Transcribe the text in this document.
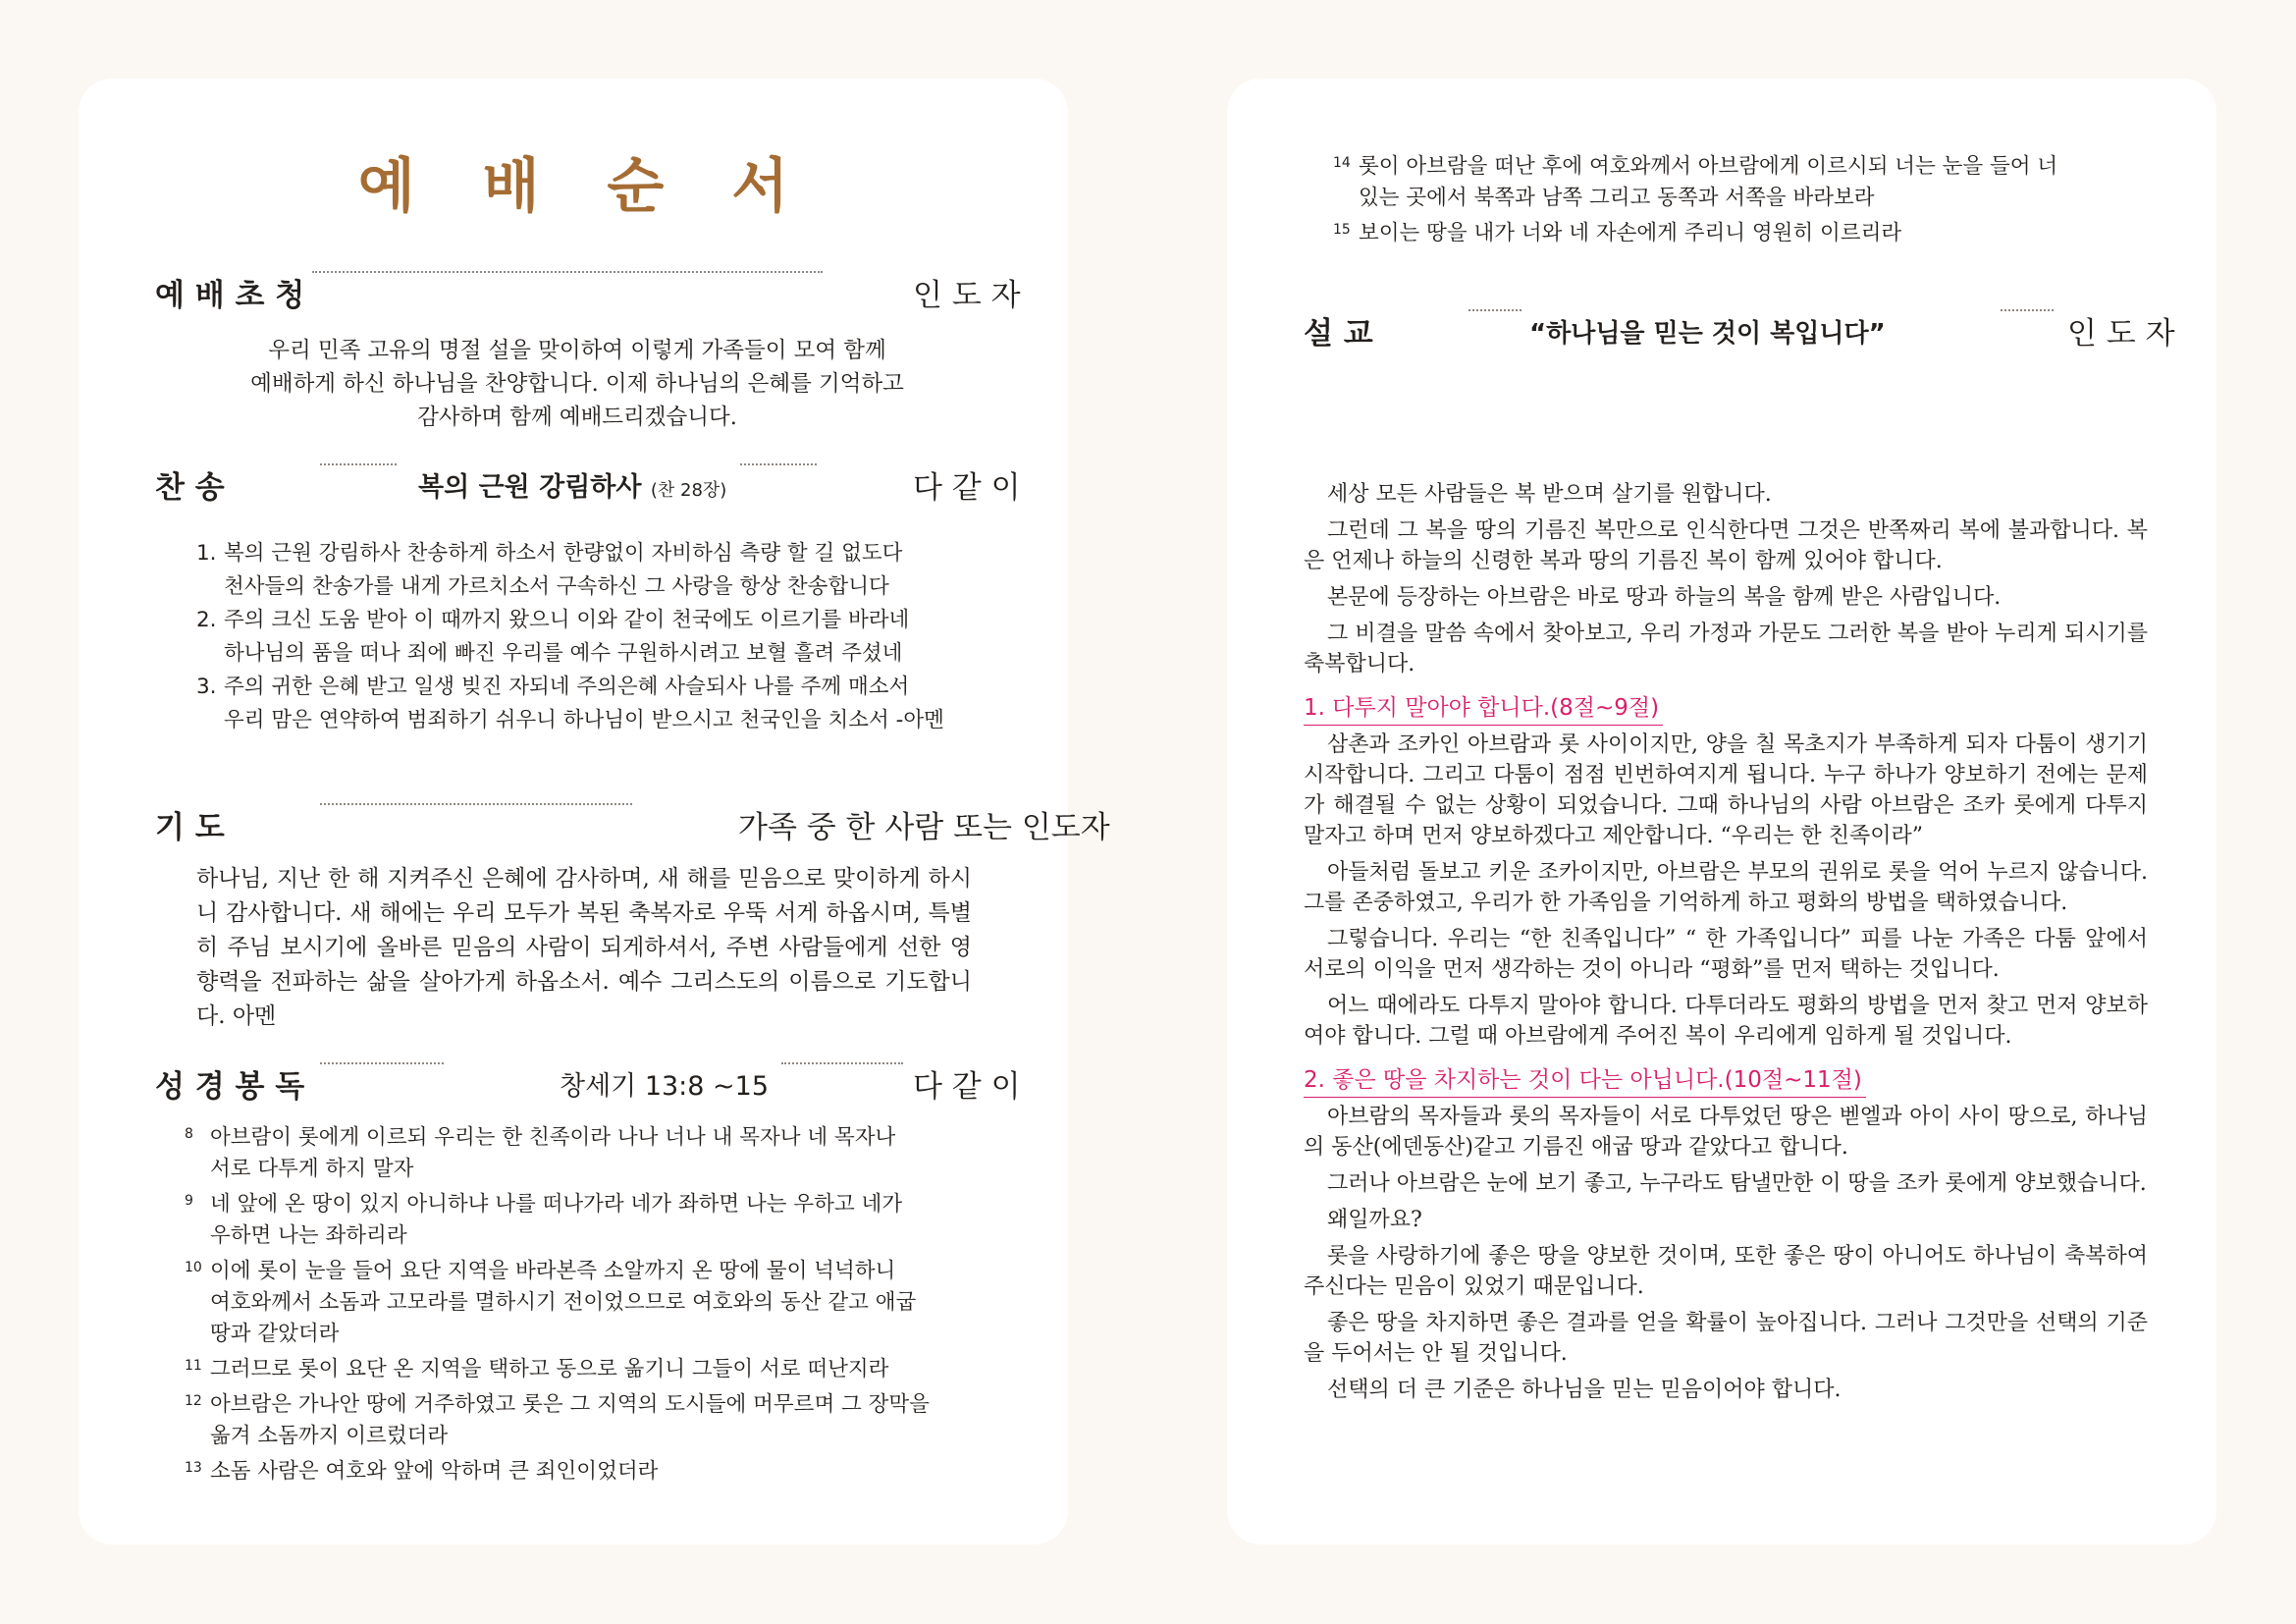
예 배 순 서
예 배 초 청	인 도 자

우리 민족 고유의 명절 설을 맞이하여 이렇게 가족들이 모여 함께
예배하게 하신 하나님을 찬양합니다. 이제 하나님의 은혜를 기억하고
감사하며 함께 예배드리겠습니다.

찬 송	복의 근원 강림하사 (찬 28장)	다 같 이
1. 복의 근원 강림하사 찬송하게 하소서 한량없이 자비하심 측량 할 길 없도다
천사들의 찬송가를 내게 가르치소서 구속하신 그 사랑을 항상 찬송합니다
2. 주의 크신 도움 받아 이 때까지 왔으니 이와 같이 천국에도 이르기를 바라네
하나님의 품을 떠나 죄에 빠진 우리를 예수 구원하시려고 보혈 흘려 주셨네
3. 주의 귀한 은혜 받고 일생 빚진 자되네 주의은혜 사슬되사 나를 주께 매소서
우리 맘은 연약하여 범죄하기 쉬우니 하나님이 받으시고 천국인을 치소서 -아멘
기 도	가족 중 한 사람 또는 인도자

하나님, 지난 한 해 지켜주신 은혜에 감사하며, 새 해를 믿음으로 맞이하게 하시니 감사합니다. 새 해에는 우리 모두가 복된 축복자로 우뚝 서게 하옵시며, 특별히 주님 보시기에 올바른 믿음의 사람이 되게하셔서, 주변 사람들에게 선한 영향력을 전파하는 삶을 살아가게 하옵소서. 예수 그리스도의 이름으로 기도합니다. 아멘

성 경 봉 독	창세기 13:8 ~15	다 같 이
8 아브람이 롯에게 이르되 우리는 한 친족이라 나나 너나 내 목자나 네 목자나
서로 다투게 하지 말자
9 네 앞에 온 땅이 있지 아니하냐 나를 떠나가라 네가 좌하면 나는 우하고 네가
우하면 나는 좌하리라
10 이에 롯이 눈을 들어 요단 지역을 바라본즉 소알까지 온 땅에 물이 넉넉하니
여호와께서 소돔과 고모라를 멸하시기 전이었으므로 여호와의 동산 같고 애굽
땅과 같았더라
11 그러므로 롯이 요단 온 지역을 택하고 동으로 옮기니 그들이 서로 떠난지라
12 아브람은 가나안 땅에 거주하였고 롯은 그 지역의 도시들에 머무르며 그 장막을
옮겨 소돔까지 이르렀더라
13 소돔 사람은 여호와 앞에 악하며 큰 죄인이었더라
14 롯이 아브람을 떠난 후에 여호와께서 아브람에게 이르시되 너는 눈을 들어 너
있는 곳에서 북쪽과 남쪽 그리고 동쪽과 서쪽을 바라보라
15 보이는 땅을 내가 너와 네 자손에게 주리니 영원히 이르리라
설 교	“하나님을 믿는 것이 복입니다”	인 도 자

세상 모든 사람들은 복 받으며 살기를 원합니다.

그런데 그 복을 땅의 기름진 복만으로 인식한다면 그것은 반쪽짜리 복에 불과합니다. 복은 언제나 하늘의 신령한 복과 땅의 기름진 복이 함께 있어야 합니다.

본문에 등장하는 아브람은 바로 땅과 하늘의 복을 함께 받은 사람입니다.

그 비결을 말씀 속에서 찾아보고, 우리 가정과 가문도 그러한 복을 받아 누리게 되시기를 축복합니다.

1. 다투지 말아야 합니다.(8절~9절)

삼촌과 조카인 아브람과 롯 사이이지만, 양을 칠 목초지가 부족하게 되자 다툼이 생기기 시작합니다. 그리고 다툼이 점점 빈번하여지게 됩니다. 누구 하나가 양보하기 전에는 문제가 해결될 수 없는 상황이 되었습니다. 그때 하나님의 사람 아브람은 조카 롯에게 다투지 말자고 하며 먼저 양보하겠다고 제안합니다. “우리는 한 친족이라”

아들처럼 돌보고 키운 조카이지만, 아브람은 부모의 권위로 롯을 억어 누르지 않습니다. 그를 존중하였고, 우리가 한 가족임을 기억하게 하고 평화의 방법을 택하였습니다.

그렇습니다. 우리는 “한 친족입니다” “ 한 가족입니다” 피를 나눈 가족은 다툼 앞에서 서로의 이익을 먼저 생각하는 것이 아니라 “평화”를 먼저 택하는 것입니다.

어느 때에라도 다투지 말아야 합니다. 다투더라도 평화의 방법을 먼저 찾고 먼저 양보하여야 합니다. 그럴 때 아브람에게 주어진 복이 우리에게 임하게 될 것입니다.

2. 좋은 땅을 차지하는 것이 다는 아닙니다.(10절~11절)

아브람의 목자들과 롯의 목자들이 서로 다투었던 땅은 벧엘과 아이 사이 땅으로, 하나님의 동산(에덴동산)같고 기름진 애굽 땅과 같았다고 합니다.

그러나 아브람은 눈에 보기 좋고, 누구라도 탐낼만한 이 땅을 조카 롯에게 양보했습니다.

왜일까요?

롯을 사랑하기에 좋은 땅을 양보한 것이며, 또한 좋은 땅이 아니어도 하나님이 축복하여 주신다는 믿음이 있었기 때문입니다.

좋은 땅을 차지하면 좋은 결과를 얻을 확률이 높아집니다. 그러나 그것만을 선택의 기준을 두어서는 안 될 것입니다.

선택의 더 큰 기준은 하나님을 믿는 믿음이어야 합니다.
